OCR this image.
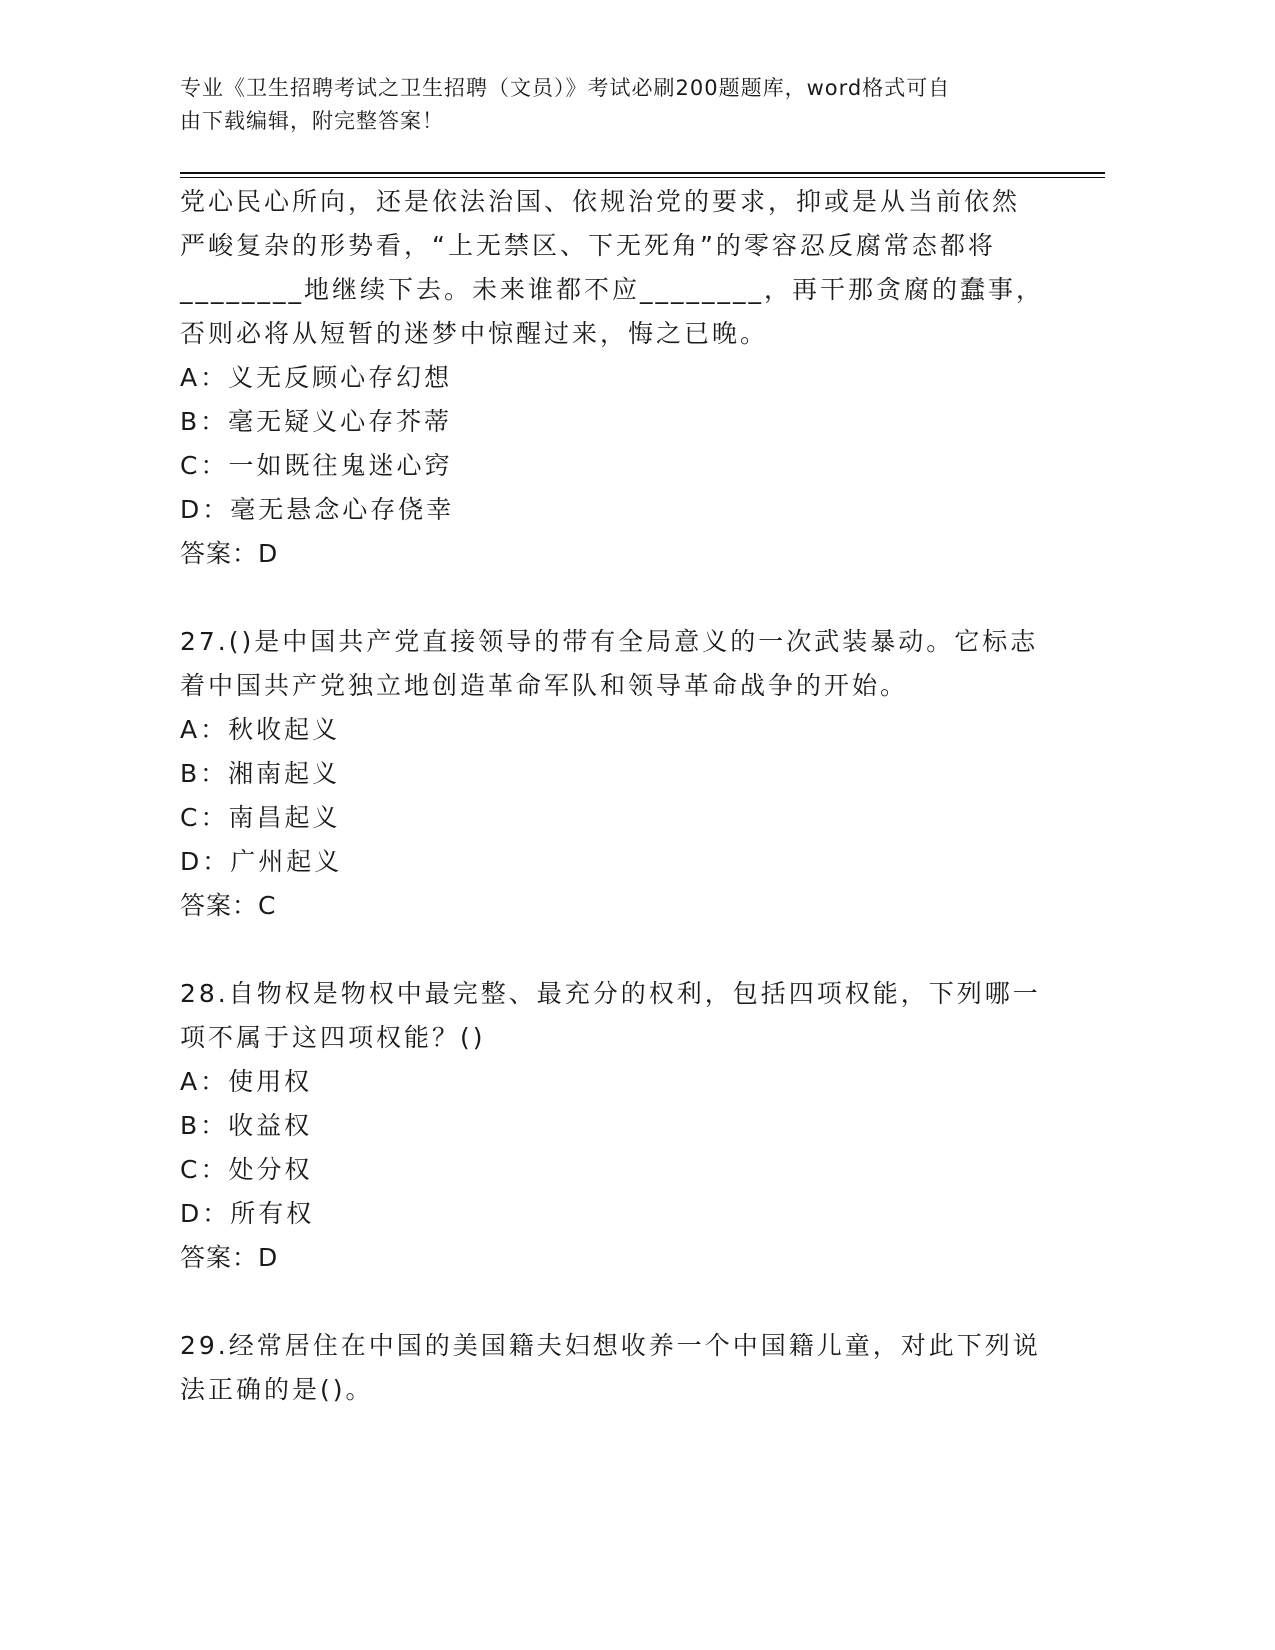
专业《卫生招聘考试之卫生招聘（文员）》考试必刷200题题库，word格式可自
由下载编辑，附完整答案！
党心民心所向，还是依法治国、依规治党的要求，抑或是从当前依然
严峻复杂的形势看，“上无禁区、下无死角”的零容忍反腐常态都将
________地继续下去。未来谁都不应________，再干那贪腐的蠢事，
否则必将从短暂的迷梦中惊醒过来，悔之已晚。
A：义无反顾心存幻想
B：毫无疑义心存芥蒂
C：一如既往鬼迷心窍
D：毫无悬念心存侥幸
答案：D
27.()是中国共产党直接领导的带有全局意义的一次武装暴动。它标志
着中国共产党独立地创造革命军队和领导革命战争的开始。
A：秋收起义
B：湘南起义
C：南昌起义
D：广州起义
答案：C
28.自物权是物权中最完整、最充分的权利，包括四项权能，下列哪一
项不属于这四项权能？()
A：使用权
B：收益权
C：处分权
D：所有权
答案：D
29.经常居住在中国的美国籍夫妇想收养一个中国籍儿童，对此下列说
法正确的是()。
